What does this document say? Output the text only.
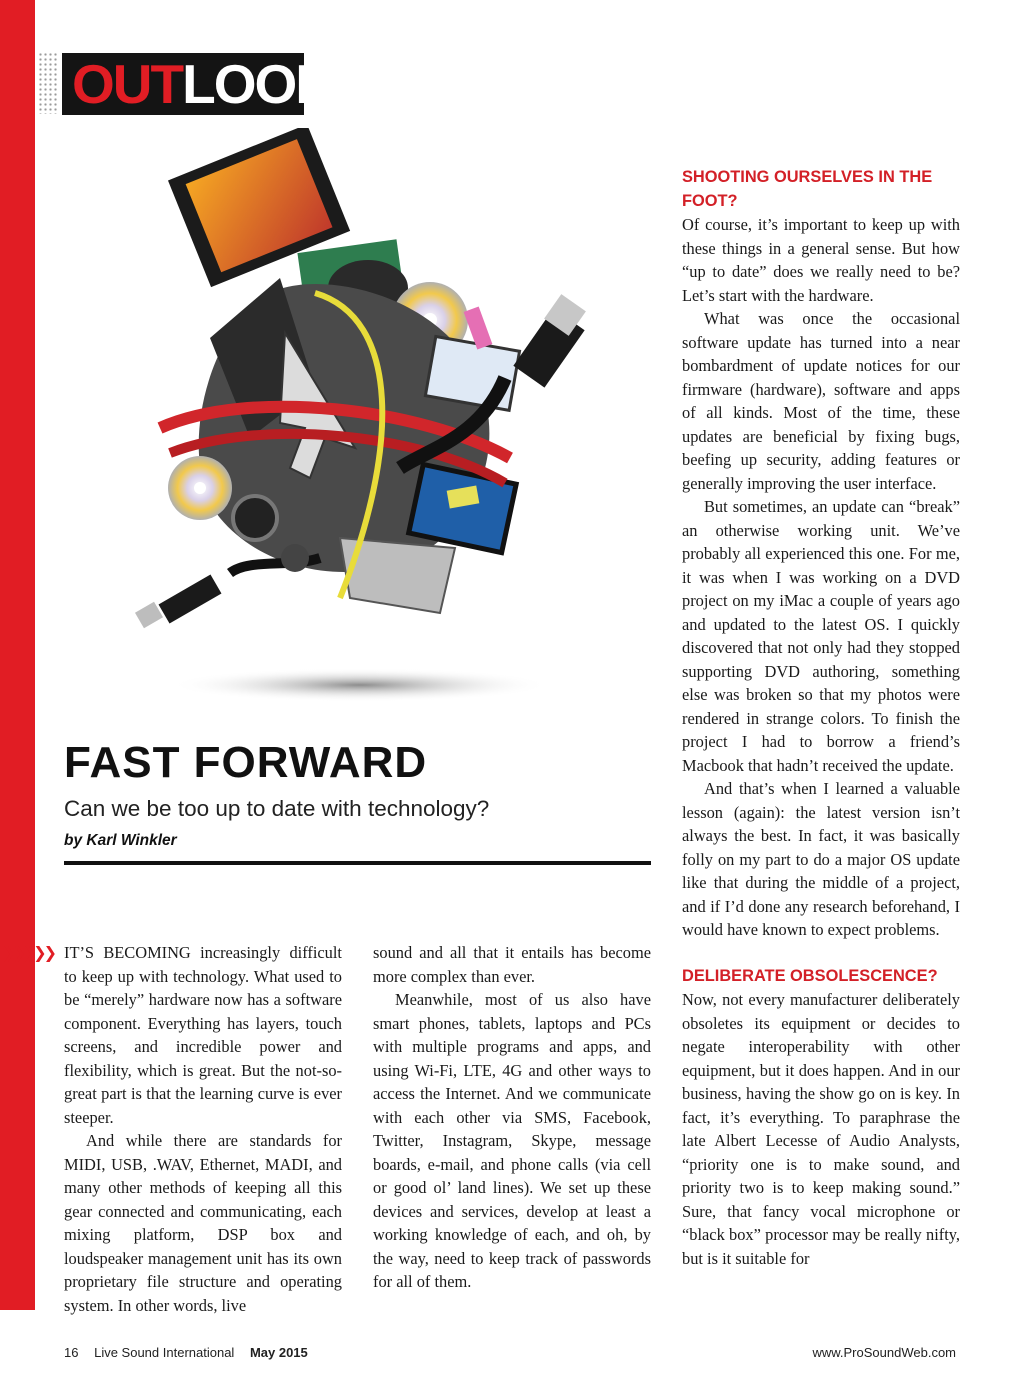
OUTLOOK
FAST FORWARD

Can we be too up to date with technology?

by Karl Winkler

❯❯❯❯❯ IT’S BECOMING increasingly difficult to keep up with technology. What used to be “merely” hardware now has a software component. Everything has layers, touch screens, and incredible power and flexibility, which is great. But the not-so-great part is that the learning curve is ever steeper.

And while there are standards for MIDI, USB, .WAV, Ethernet, MADI, and many other methods of keeping all this gear connected and communicating, each mixing platform, DSP box and loudspeaker management unit has its own proprietary file structure and operating system. In other words, live

sound and all that it entails has become more complex than ever.

Meanwhile, most of us also have smart phones, tablets, laptops and PCs with multiple programs and apps, and using Wi-Fi, LTE, 4G and other ways to access the Internet. And we communicate with each other via SMS, Facebook, Twitter, Instagram, Skype, message boards, e-mail, and phone calls (via cell or good ol’ land lines). We set up these devices and services, develop at least a working knowledge of each, and oh, by the way, need to keep track of passwords for all of them.

SHOOTING OURSELVES IN THE FOOT?

Of course, it’s important to keep up with these things in a general sense. But how “up to date” does we really need to be? Let’s start with the hardware.

What was once the occasional software update has turned into a near bombardment of update notices for our firmware (hardware), software and apps of all kinds. Most of the time, these updates are beneficial by fixing bugs, beefing up security, adding features or generally improving the user interface.

But sometimes, an update can “break” an otherwise working unit. We’ve probably all experienced this one. For me, it was when I was working on a DVD project on my iMac a couple of years ago and updated to the latest OS. I quickly discovered that not only had they stopped supporting DVD authoring, something else was broken so that my photos were rendered in strange colors. To finish the project I had to borrow a friend’s Macbook that hadn’t received the update.

And that’s when I learned a valuable lesson (again): the latest version isn’t always the best. In fact, it was basically folly on my part to do a major OS update like that during the middle of a project, and if I’d done any research beforehand, I would have known to expect problems.

DELIBERATE OBSOLESCENCE?

Now, not every manufacturer deliberately obsoletes its equipment or decides to negate interoperability with other equipment, but it does happen. And in our business, having the show go on is key. In fact, it’s everything. To paraphrase the late Albert Lecesse of Audio Analysts, “priority one is to make sound, and priority two is to keep making sound.” Sure, that fancy vocal microphone or “black box” processor may be really nifty, but is it suitable for

16 Live Sound International May 2015	www.ProSoundWeb.com
